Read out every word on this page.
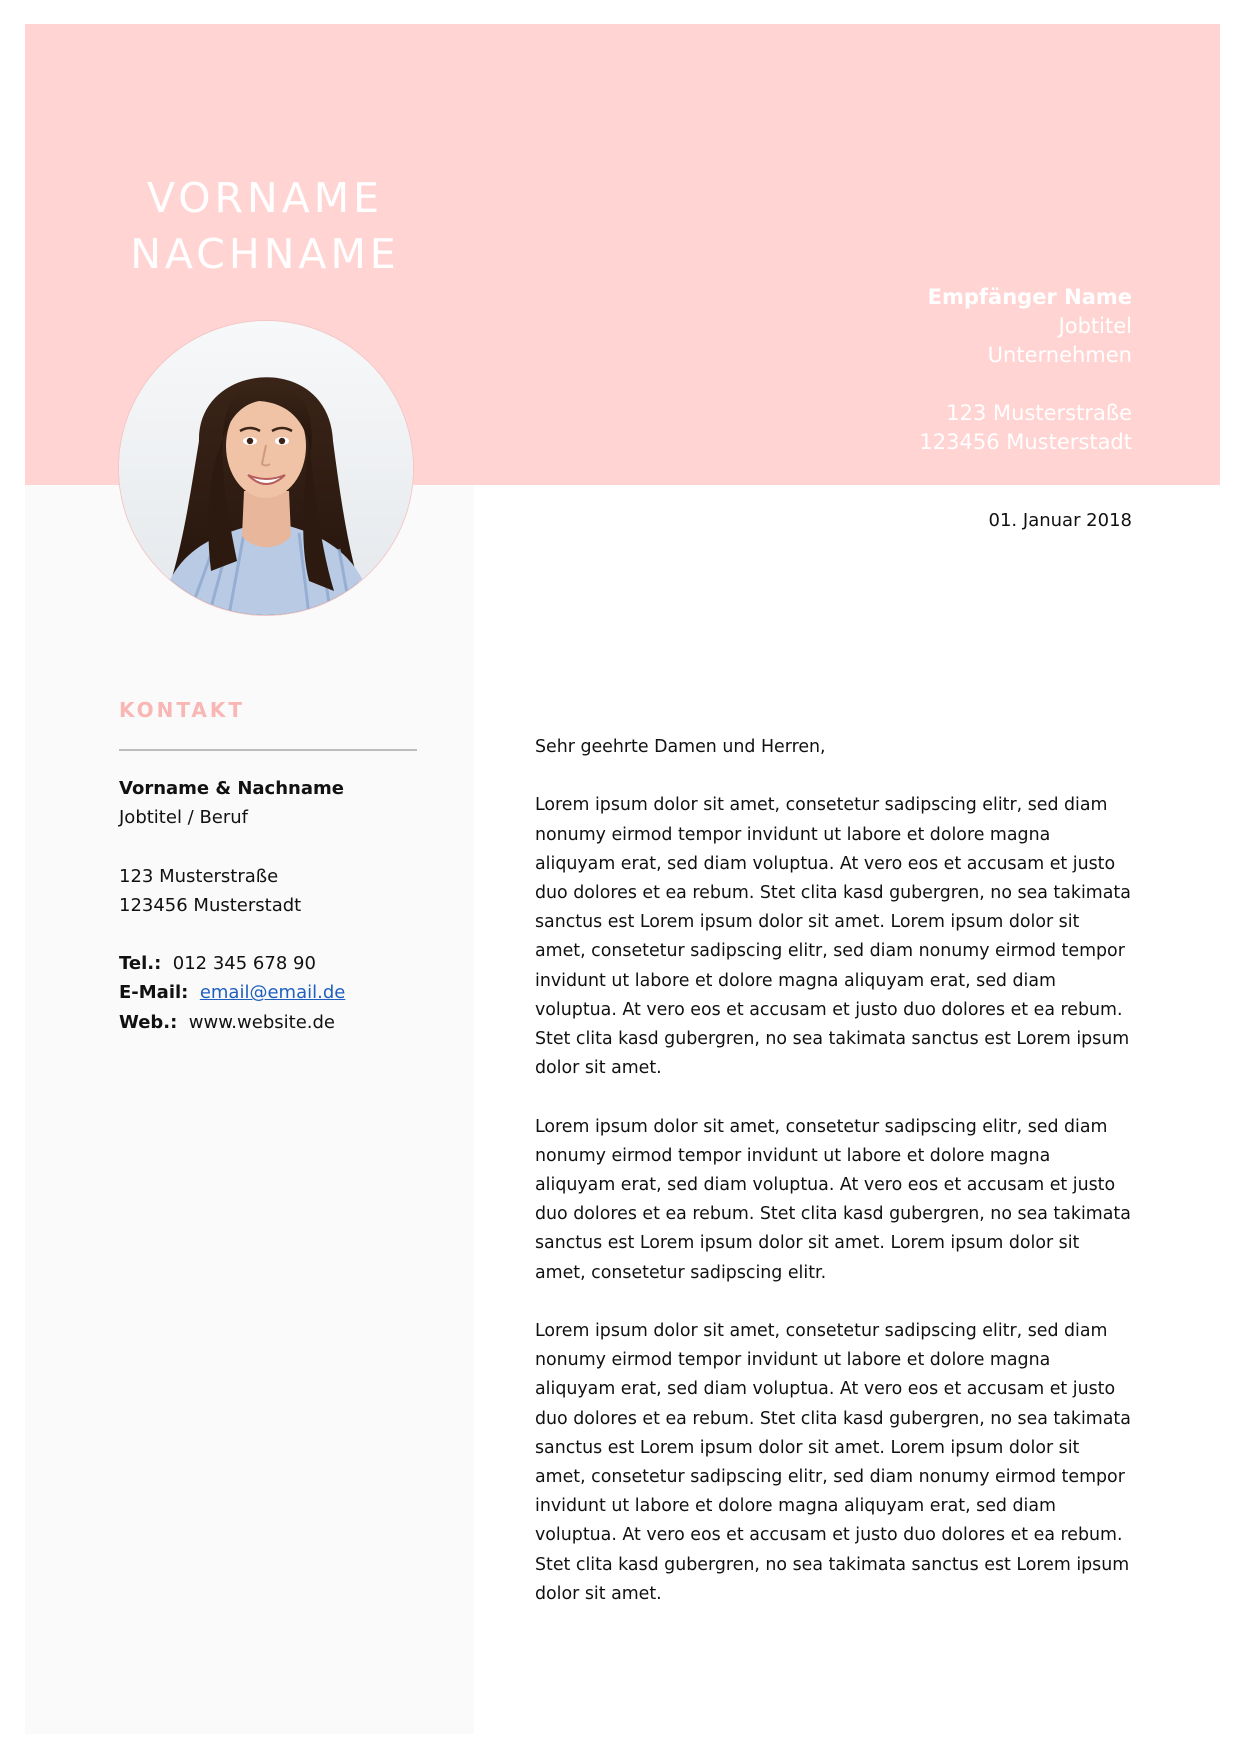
VORNAME
NACHNAME
Empfänger Name
Jobtitel
Unternehmen
123 Musterstraße
123456 Musterstadt
01. Januar 2018
KONTAKT
Vorname & Nachname
Jobtitel / Beruf
123 Musterstraße
123456 Musterstadt
Tel.: 012 345 678 90
E-Mail: email@email.de
Web.: www.website.de

Sehr geehrte Damen und Herren,

Lorem ipsum dolor sit amet, consetetur sadipscing elitr, sed diam nonumy eirmod tempor invidunt ut labore et dolore magna aliquyam erat, sed diam voluptua. At vero eos et accusam et justo duo dolores et ea rebum. Stet clita kasd gubergren, no sea takimata sanctus est Lorem ipsum dolor sit amet. Lorem ipsum dolor sit amet, consetetur sadipscing elitr, sed diam nonumy eirmod tempor invidunt ut labore et dolore magna aliquyam erat, sed diam voluptua. At vero eos et accusam et justo duo dolores et ea rebum. Stet clita kasd gubergren, no sea takimata sanctus est Lorem ipsum dolor sit amet.

Lorem ipsum dolor sit amet, consetetur sadipscing elitr, sed diam nonumy eirmod tempor invidunt ut labore et dolore magna aliquyam erat, sed diam voluptua. At vero eos et accusam et justo duo dolores et ea rebum. Stet clita kasd gubergren, no sea takimata sanctus est Lorem ipsum dolor sit amet. Lorem ipsum dolor sit amet, consetetur sadipscing elitr.

Lorem ipsum dolor sit amet, consetetur sadipscing elitr, sed diam nonumy eirmod tempor invidunt ut labore et dolore magna aliquyam erat, sed diam voluptua. At vero eos et accusam et justo duo dolores et ea rebum. Stet clita kasd gubergren, no sea takimata sanctus est Lorem ipsum dolor sit amet. Lorem ipsum dolor sit amet, consetetur sadipscing elitr, sed diam nonumy eirmod tempor invidunt ut labore et dolore magna aliquyam erat, sed diam voluptua. At vero eos et accusam et justo duo dolores et ea rebum. Stet clita kasd gubergren, no sea takimata sanctus est Lorem ipsum dolor sit amet.
